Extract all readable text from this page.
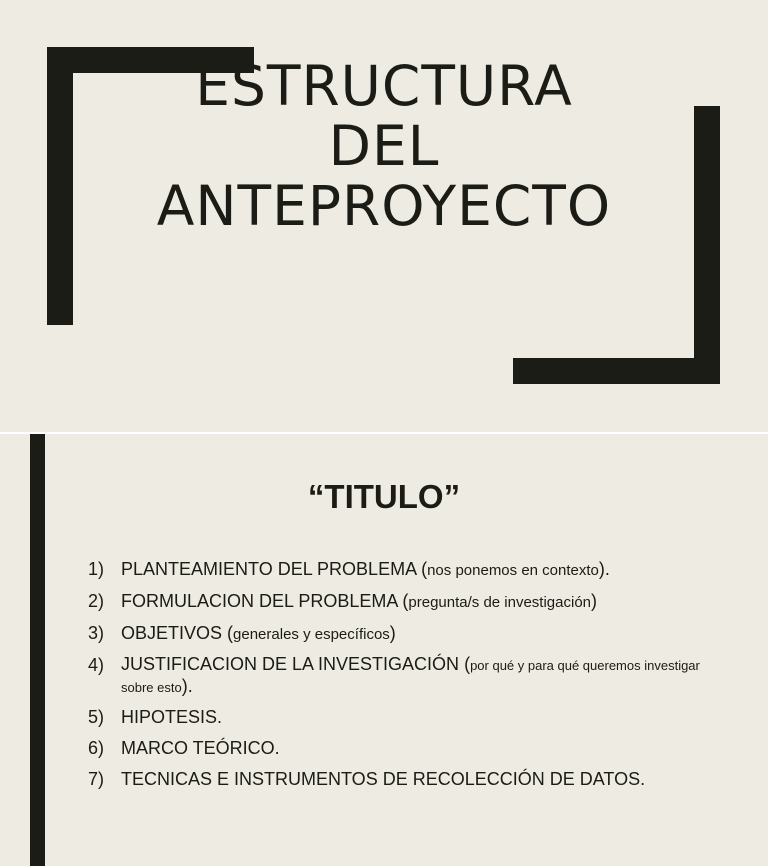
ESTRUCTURA
DEL
ANTEPROYECTO
“TITULO”
1) PLANTEAMIENTO DEL PROBLEMA (nos ponemos en contexto).
2) FORMULACION DEL PROBLEMA (pregunta/s de investigación)
3) OBJETIVOS (generales y específicos)
4) JUSTIFICACION DE LA INVESTIGACIÓN (por qué y para qué queremos investigar sobre esto).
5) HIPOTESIS.
6) MARCO TEÓRICO.
7) TECNICAS E INSTRUMENTOS DE RECOLECCIÓN DE DATOS.
